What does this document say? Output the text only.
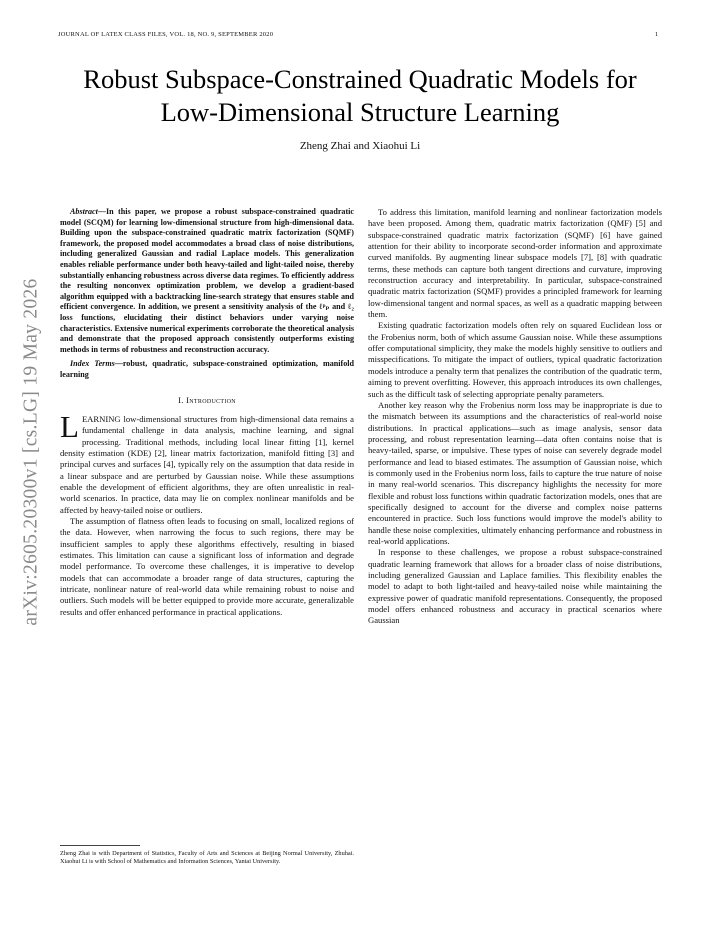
JOURNAL OF LATEX CLASS FILES, VOL. 18, NO. 9, SEPTEMBER 2020	1
arXiv:2605.20300v1 [cs.LG] 19 May 2026
Robust Subspace-Constrained Quadratic Models for
Low-Dimensional Structure Learning
Zheng Zhai and Xiaohui Li

Abstract—In this paper, we propose a robust subspace-constrained quadratic model (SCQM) for learning low-dimensional structure from high-dimensional data. Building upon the subspace-constrained quadratic matrix factorization (SQMF) framework, the proposed model accommodates a broad class of noise distributions, including generalized Gaussian and radial Laplace models. This generalization enables reliable performance under both heavy-tailed and light-tailed noise, thereby substantially enhancing robustness across diverse data regimes. To efficiently address the resulting nonconvex optimization problem, we develop a gradient-based algorithm equipped with a backtracking line-search strategy that ensures stable and efficient convergence. In addition, we present a sensitivity analysis of the ℓᵖₚ and ℓ₂ loss functions, elucidating their distinct behaviors under varying noise characteristics. Extensive numerical experiments corroborate the theoretical analysis and demonstrate that the proposed approach consistently outperforms existing methods in terms of robustness and reconstruction accuracy.

Index Terms—robust, quadratic, subspace-constrained optimization, manifold learning

I. Introduction

LEARNING low-dimensional structures from high-dimensional data remains a fundamental challenge in data analysis, machine learning, and signal processing. Traditional methods, including local linear fitting [1], kernel density estimation (KDE) [2], linear matrix factorization, manifold fitting [3] and principal curves and surfaces [4], typically rely on the assumption that data reside in a linear subspace and are perturbed by Gaussian noise. While these assumptions enable the development of efficient algorithms, they are often unrealistic in real-world scenarios. In practice, data may lie on complex nonlinear manifolds and be affected by heavy-tailed noise or outliers.

The assumption of flatness often leads to focusing on small, localized regions of the data. However, when narrowing the focus to such regions, there may be insufficient samples to apply these algorithms effectively, resulting in biased estimates. This limitation can cause a significant loss of information and degrade model performance. To overcome these challenges, it is imperative to develop models that can accommodate a broader range of data structures, capturing the intricate, nonlinear nature of real-world data while remaining robust to noise and outliers. Such models will be better equipped to provide more accurate, generalizable results and offer enhanced performance in practical applications.

Zheng Zhai is with Department of Statistics, Faculty of Arts and Sciences at Beijing Normal University, Zhuhai. Xiaohui Li is with School of Mathematics and Information Sciences, Yantai University.

To address this limitation, manifold learning and nonlinear factorization models have been proposed. Among them, quadratic matrix factorization (QMF) [5] and subspace-constrained quadratic matrix factorization (SQMF) [6] have gained attention for their ability to incorporate second-order information and approximate curved manifolds. By augmenting linear subspace models [7], [8] with quadratic terms, these methods can capture both tangent directions and curvature, improving reconstruction accuracy and interpretability. In particular, subspace-constrained quadratic matrix factorization (SQMF) provides a principled framework for learning low-dimensional tangent and normal spaces, as well as a quadratic mapping between them.

Existing quadratic factorization models often rely on squared Euclidean loss or the Frobenius norm, both of which assume Gaussian noise. While these assumptions offer computational simplicity, they make the models highly sensitive to outliers and misspecifications. To mitigate the impact of outliers, typical quadratic factorization models introduce a penalty term that penalizes the contribution of the quadratic term, aiming to prevent overfitting. However, this approach introduces its own challenges, such as the difficult task of selecting appropriate penalty parameters.

Another key reason why the Frobenius norm loss may be inappropriate is due to the mismatch between its assumptions and the characteristics of real-world noise distributions. In practical applications—such as image analysis, sensor data processing, and robust representation learning—data often contains noise that is heavy-tailed, sparse, or impulsive. These types of noise can severely degrade model performance and lead to biased estimates. The assumption of Gaussian noise, which is commonly used in the Frobenius norm loss, fails to capture the true nature of noise in many real-world scenarios. This discrepancy highlights the necessity for more flexible and robust loss functions within quadratic factorization models, ones that are specifically designed to account for the diverse and complex noise patterns encountered in practice. Such loss functions would improve the model's ability to handle these noise complexities, ultimately enhancing performance and robustness in real-world applications.

In response to these challenges, we propose a robust subspace-constrained quadratic learning framework that allows for a broader class of noise distributions, including generalized Gaussian and Laplace families. This flexibility enables the model to adapt to both light-tailed and heavy-tailed noise while maintaining the expressive power of quadratic manifold representations. Consequently, the proposed model offers enhanced robustness and accuracy in practical scenarios where Gaussian
